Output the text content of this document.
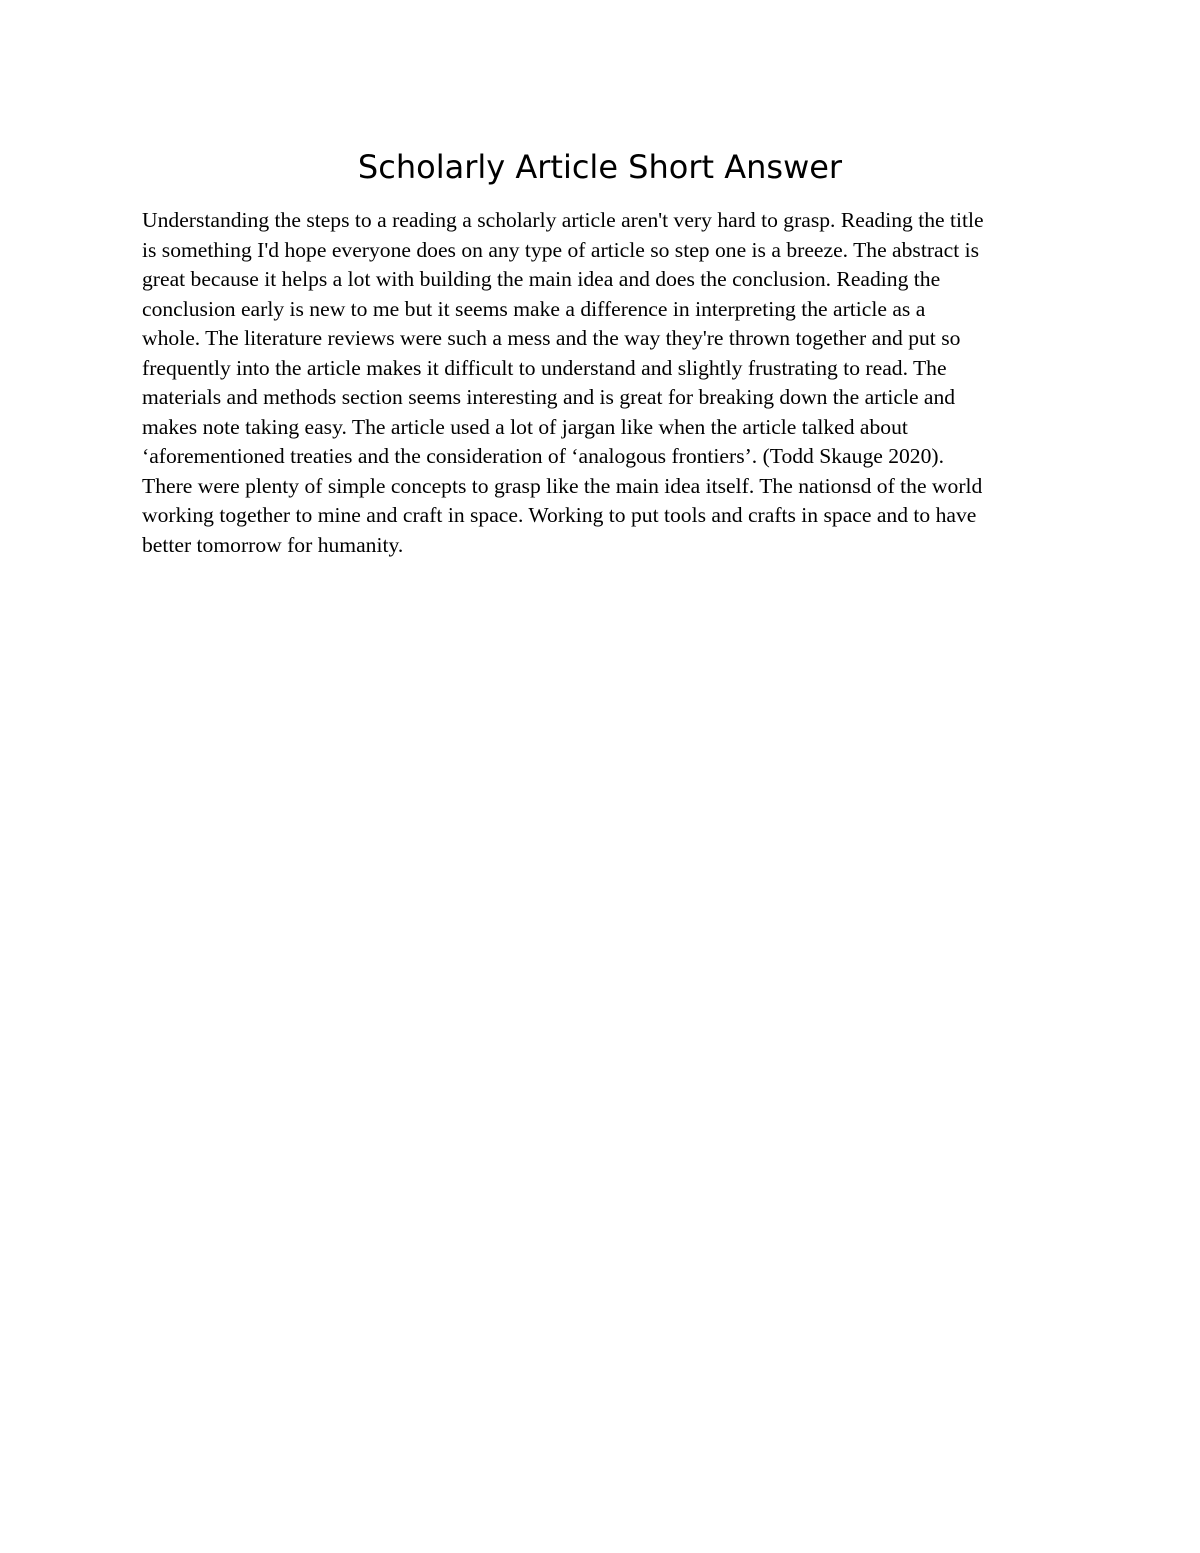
Scholarly Article Short Answer
Understanding the steps to a reading a scholarly article aren't very hard to grasp. Reading the title
is something I'd hope everyone does on any type of article so step one is a breeze. The abstract is
great because it helps a lot with building the main idea and does the conclusion. Reading the
conclusion early is new to me but it seems make a difference in interpreting the article as a
whole. The literature reviews were such a mess and the way they're thrown together and put so
frequently into the article makes it difficult to understand and slightly frustrating to read. The
materials and methods section seems interesting and is great for breaking down the article and
makes note taking easy. The article used a lot of jargan like when the article talked about
‘aforementioned treaties and the consideration of ‘analogous frontiers’. (Todd Skauge 2020).
There were plenty of simple concepts to grasp like the main idea itself. The nationsd of the world
working together to mine and craft in space. Working to put tools and crafts in space and to have
better tomorrow for humanity.
